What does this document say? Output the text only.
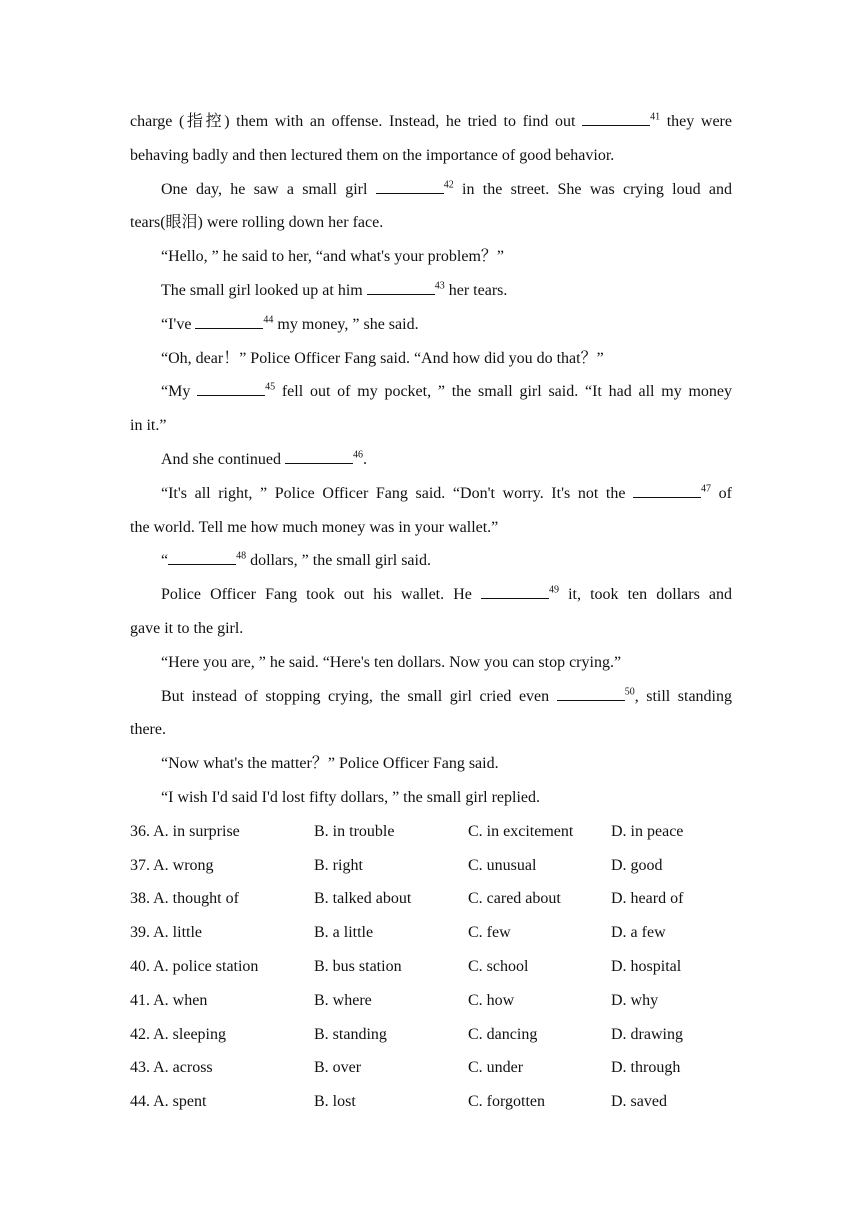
charge (指控) them with an offense. Instead, he tried to find out	$^{41}$ they were
behaving badly and then lectured them on the importance of good behavior.
One day, he saw a small girl	$^{42}$ in the street. She was crying loud and
tears(眼泪) were rolling down her face.
“Hello, ” he said to her, “and what's your problem？”
The small girl looked up at him	$^{43}$ her tears.
“I've	$^{44}$ my money, ” she said.
“Oh, dear！” Police Officer Fang said. “And how did you do that？”
“My	$^{45}$ fell out of my pocket, ” the small girl said. “It had all my money
in it.”
And she continued	$^{46}$.
“It's all right, ” Police Officer Fang said. “Don't worry. It's not the	$^{47}$ of
the world. Tell me how much money was in your wallet.”
“	$^{48}$ dollars, ” the small girl said.
Police Officer Fang took out his wallet. He	$^{49}$ it, took ten dollars and
gave it to the girl.
“Here you are, ” he said. “Here's ten dollars. Now you can stop crying.”
But instead of stopping crying, the small girl cried even	$^{50}$, still standing
there.
“Now what's the matter？” Police Officer Fang said.
“I wish I'd said I'd lost fifty dollars, ” the small girl replied.
36. A. in surprise	B. in trouble	C. in excitement	D. in peace
37. A. wrong	B. right	C. unusual	D. good
38. A. thought of	B. talked about	C. cared about	D. heard of
39. A. little	B. a little	C. few	D. a few
40. A. police station	B. bus station	C. school	D. hospital
41. A. when	B. where	C. how	D. why
42. A. sleeping	B. standing	C. dancing	D. drawing
43. A. across	B. over	C. under	D. through
44. A. spent	B. lost	C. forgotten	D. saved
